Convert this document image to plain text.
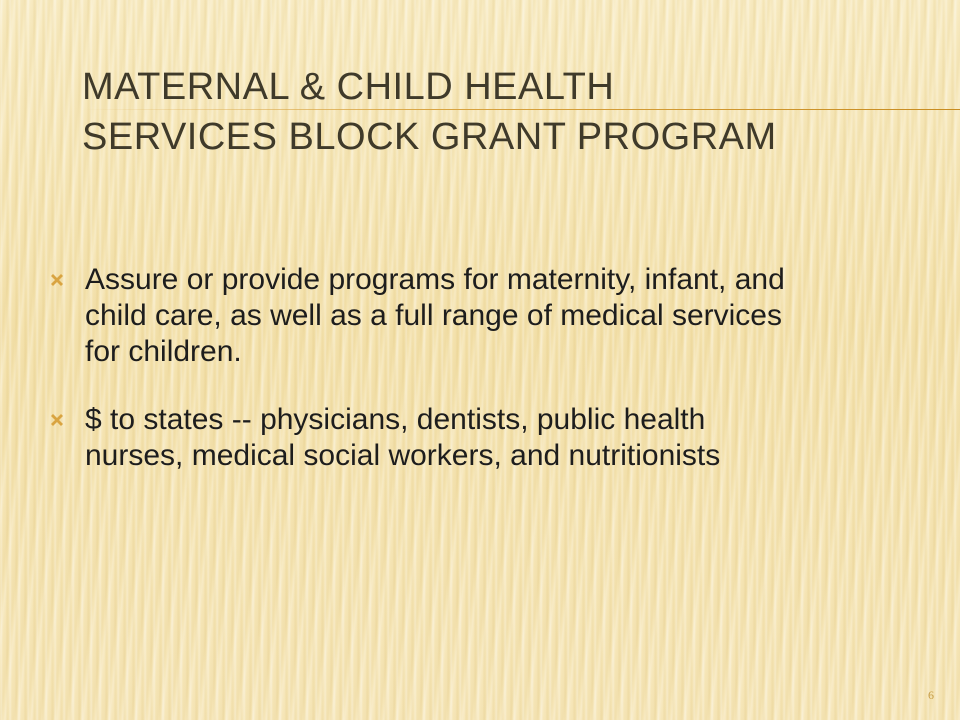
MATERNAL & CHILD HEALTH
SERVICES BLOCK GRANT PROGRAM
Assure or provide programs for maternity, infant, and child care, as well as a full range of medical services for children.
$ to states -- physicians, dentists, public health nurses, medical social workers, and nutritionists
6
